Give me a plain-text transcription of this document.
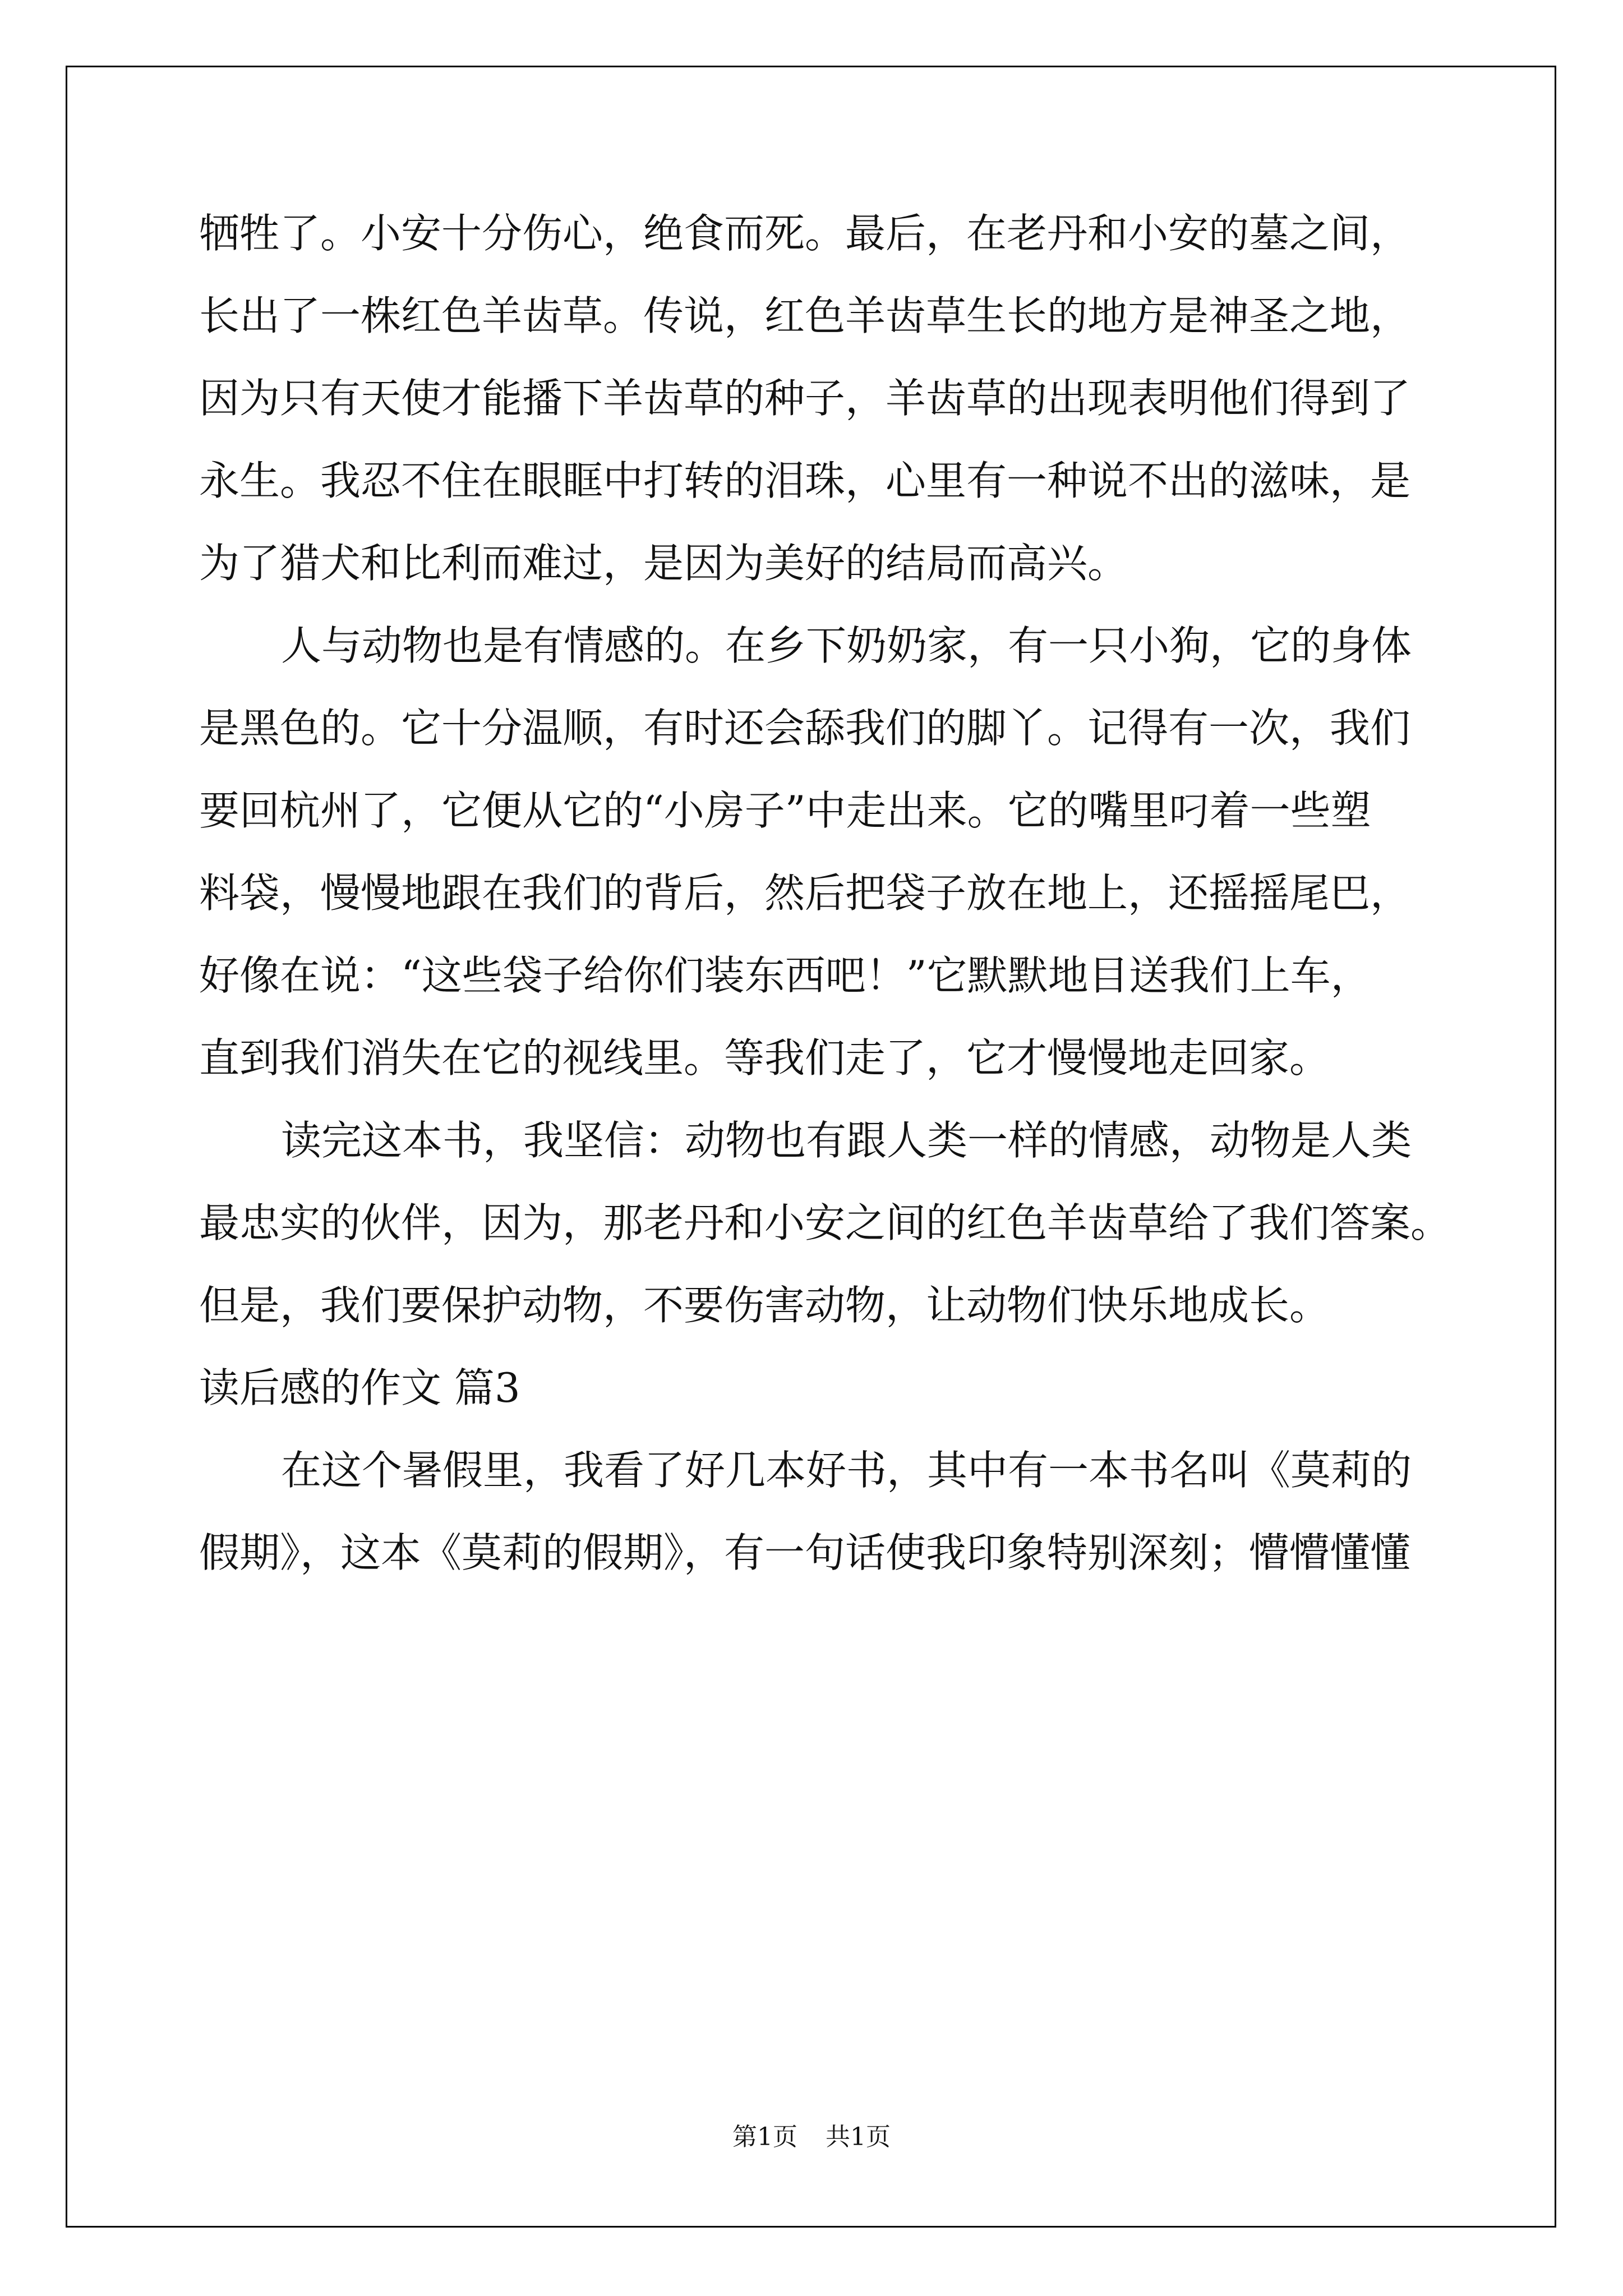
牺牲了。小安十分伤心，绝食而死。最后，在老丹和小安的墓之间，
长出了一株红色羊齿草。传说，红色羊齿草生长的地方是神圣之地，
因为只有天使才能播下羊齿草的种子，羊齿草的出现表明他们得到了
永生。我忍不住在眼眶中打转的泪珠，心里有一种说不出的滋味，是
为了猎犬和比利而难过，是因为美好的结局而高兴。
人与动物也是有情感的。在乡下奶奶家，有一只小狗，它的身体
是黑色的。它十分温顺，有时还会舔我们的脚丫。记得有一次，我们
要回杭州了，它便从它的“小房子”中走出来。它的嘴里叼着一些塑
料袋，慢慢地跟在我们的背后，然后把袋子放在地上，还摇摇尾巴，
好像在说：“这些袋子给你们装东西吧！”它默默地目送我们上车，
直到我们消失在它的视线里。等我们走了，它才慢慢地走回家。
读完这本书，我坚信：动物也有跟人类一样的情感，动物是人类
最忠实的伙伴，因为，那老丹和小安之间的红色羊齿草给了我们答案。
但是，我们要保护动物，不要伤害动物，让动物们快乐地成长。
读后感的作文 篇3
在这个暑假里，我看了好几本好书，其中有一本书名叫《莫莉的
假期》，这本《莫莉的假期》，有一句话使我印象特别深刻；懵懵懂懂
第1页 共1页
